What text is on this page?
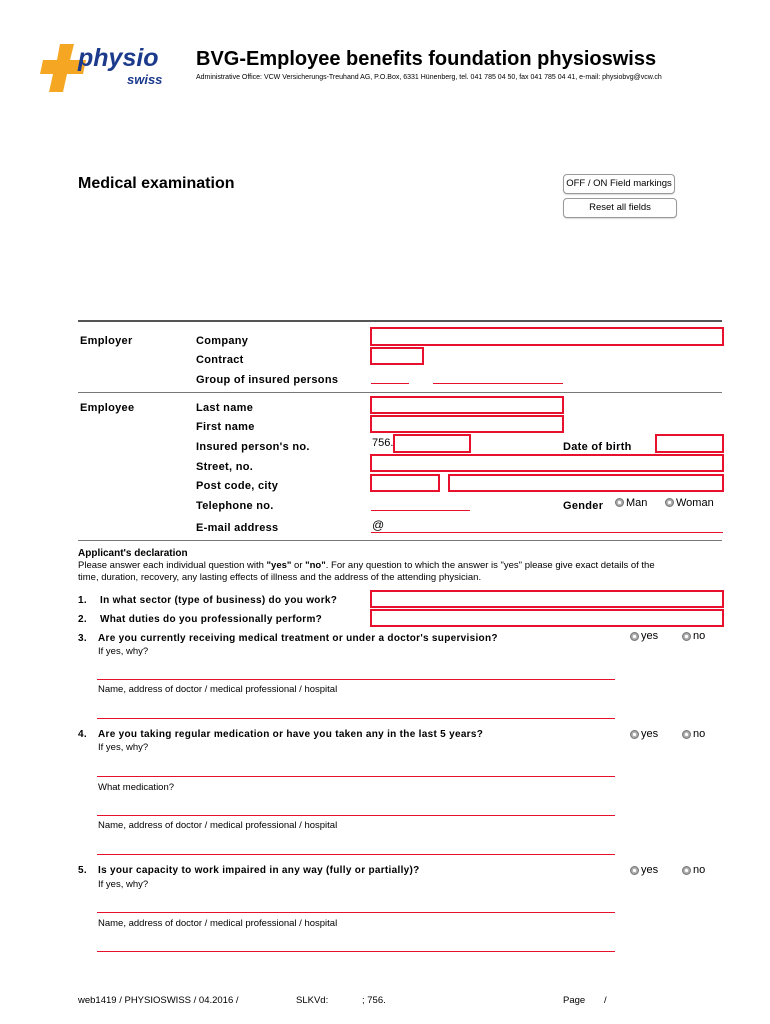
physio
swiss
BVG-Employee benefits foundation physioswiss
Administrative Office: VCW Versicherungs-Treuhand AG, P.O.Box, 6331 Hünenberg, tel. 041 785 04 50, fax 041 785 04 41, e-mail: physiobvg@vcw.ch
Medical examination	OFF / ON Field markings
Reset all fields
Employer	Company
Contract
Group of insured persons
Employee	Last name
First name
Insured person's no.	756.	Date of birth
Street, no.
Post code, city
Telephone no.	Gender Man	Woman
E-mail address	@
Applicant's declaration
Please answer each individual question with "yes" or "no". For any question to which the answer is "yes" please give exact details of the
time, duration, recovery, any lasting effects of illness and the address of the attending physician.
1. In what sector (type of business) do you work?
2. What duties do you professionally perform?
3. Are you currently receiving medical treatment or under a doctor's supervision?	yes	no
If yes, why?
Name, address of doctor / medical professional / hospital
4. Are you taking regular medication or have you taken any in the last 5 years?	yes	no
If yes, why?
What medication?
Name, address of doctor / medical professional / hospital
5. Is your capacity to work impaired in any way (fully or partially)?	yes	no
If yes, why?
Name, address of doctor / medical professional / hospital
web1419 / PHYSIOSWISS / 04.2016 /	SLKVd:	; 756.	Page /
